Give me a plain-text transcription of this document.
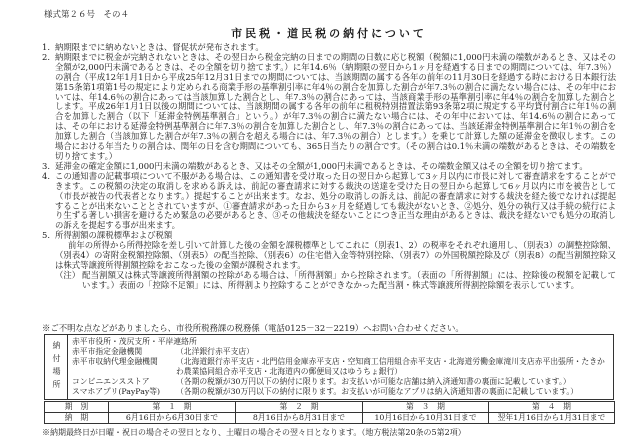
様式第２６号　その４
市民税・道民税の納付について
1. 納期限までに納めないときは、督促状が発布されます。
2. 納期限までに税金が完納されないときは、その翌日から税金完納の日までの期間の日数に応じ税額（税額に1,000円未満の端数があるとき、又はその全額が2,000円未満であるときは、その全額を切り捨てます。）に年14.6％（納期限の翌日から1ヶ月を経過する日までの期間については、年7.3％）の割合（平成12年1月1日から平成25年12月31日までの期間については、当該期間の属する各年の前年の11月30日を経過する時における日本銀行法第15条第1項第1号の規定により定められる商業手形の基準割引率に年4％の割合を加算した割合が年7.3％の割合に満たない場合には、その年中においては、年14.6％の割合にあっては当該加算した割合とし、年7.3％の割合にあっては、当該商業手形の基準割引率に年4％の割合を加算した割合とします。平成26年1月1日以後の期間については、当該期間の属する各年の前年に租税特別措置法第93条第2項に規定する平均貸付割合に年1％の割合を加算した割合（以下「延滞金特例基準割合」という。）が年7.3％の割合に満たない場合には、その年中においては、年14.6％の割合にあっては、その年における延滞金特例基準割合に年7.3％の割合を加算した割合とし、年7.3％の割合にあっては、当該延滞金特例基準割合に年1％の割合を加算した割合（当該加算した割合が年7.3％の割合を超える場合には、年7.3％の割合）とします。）を乗じて計算した額の延滞金を徴収します。この場合における年当たりの割合は、閏年の日を含む期間についても、365日当たりの割合です。（その割合は0.1％未満の端数があるときは、その端数を切り捨てます。）
3. 延滞金の確定金額に1,000円未満の端数があるとき、又はその全額が1,000円未満であるときは、その端数金額又はその全額を切り捨てます。
4. この通知書の記載事項について不服がある場合は、この通知書を受け取った日の翌日から起算して3ヶ月以内に市長に対して審査請求をすることができます。この税額の決定の取消しを求める訴えは、前記の審査請求に対する裁決の送達を受けた日の翌日から起算して6ヶ月以内に市を被告として（市長が被告の代表者となります。）提起することが出来ます。なお、処分の取消しの訴えは、前記の審査請求に対する裁決を経た後でなければ提起することが出来ないこととされていますが、①審査請求があった日から3ヶ月を経過しても裁決がないとき、②処分、処分の執行又は手続の続行により生ずる著しい損害を避けるため緊急の必要があるとき、③その他裁決を経ないことにつき正当な理由があるときは、裁決を経ないでも処分の取消しの訴えを提起する事が出来ます。
5. 所得割額の課税標準および税額
前年の所得から所得控除を差し引いて計算した後の金額を課税標準としてこれに（別表1、2）の税率をそれぞれ適用し、（別表3）の調整控除額、（別表4）の寄附金税額控除額、（別表5）の配当控除、（別表6）の住宅借入金等特別控除、（別表7）の外国税額控除及び（別表8）の配当割額控除又は株式等譲渡所得割額控除をおこなった後の金額が課税されます。
（注） 配当割額又は株式等譲渡所得割額の控除がある場合は、「所得割額」から控除されます。（表面の「所得割額」には、控除後の税額を記載しています。）表面の「控除不足額」には、所得割より控除することができなかった配当割・株式等譲渡所得割控除額を表示しています。
※ご不明な点などがありましたら、市役所税務課の税務係（電話0125－32－2219）へお問い合わせください。
納付場所 赤平市役所・茂尻支所・平岸連絡所
赤平市指定金融機関	（北洋銀行赤平支店）
赤平市収納代理金融機関	（北海道銀行赤平支店・北門信用金庫赤平支店・空知商工信用組合赤平支店・北海道労働金庫滝川支店赤平出張所・たきかわ農業協同組合赤平支店・北海道内の郵便局又はゆうちょ銀行）
コンビニエンスストア	（各期の税額が30万円以下の納付に限ります。お支払いが可能な店舗は納入済通知書の裏面に記載しています。）
スマホアプリ(PayPay等)	（各期の税額が30万円以下の納付に限ります。お支払いが可能なアプリは納入済通知書の裏面に記載しています。）
期　別	第　１　期	第　２　期	第　３　期	第　４　期
納　期	6月16日から6月30日まで	8月16日から8月31日まで	10月16日から10月31日まで	翌年1月16日から1月31日まで
※納期最終日が日曜・祝日の場合その翌日となり、土曜日の場合その翌々日となります。（地方税法第20条の5第2項）
